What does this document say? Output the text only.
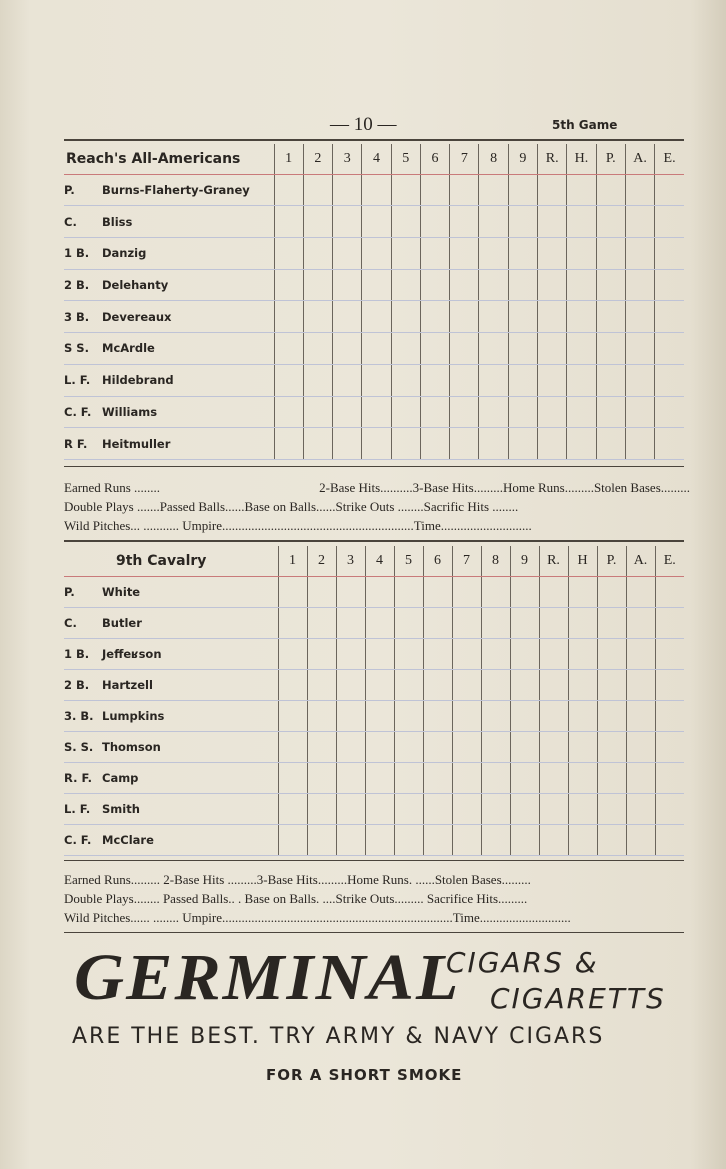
— 10 —	5th Game
Reach's All-Americans	1	2	3	4	5	6	7	8	9	R.	H.	P.	A.	E.
P. Burns-Flaherty-Graney														
C. Bliss														
1 B. Danzig														
2 B. Delehanty														
3 B. Devereaux														
S S. McArdle														
L. F. Hildebrand														
C. F. Williams														
R F. Heitmuller														
Earned Runs ........	2-Base Hits..........3-Base Hits.........Home Runs.........Stolen Bases.........
Double Plays .......Passed Balls......Base on Balls......Strike Outs ........Sacrific Hits ........
Wild Pitches... ........... Umpire...........................................................Time............................
9th Cavalry	1	2	3	4	5	6	7	8	9	R.	H	P.	A.	E.
P. White														
C. Butler														
1 B. Jeffeʁson														
2 B. Hartzell														
3. B. Lumpkins														
S. S. Thomson														
R. F. Camp														
L. F. Smith														
C. F. McClare														
Earned Runs......... 2-Base Hits .........3-Base Hits.........Home Runs. ......Stolen Bases.........
Double Plays........ Passed Balls.. . Base on Balls. ....Strike Outs......... Sacrifice Hits.........
Wild Pitches...... ........ Umpire.......................................................................Time............................
GERMINAL
CIGARS &
CIGARETTS
ARE THE BEST. TRY ARMY & NAVY CIGARS
FOR A SHORT SMOKE
